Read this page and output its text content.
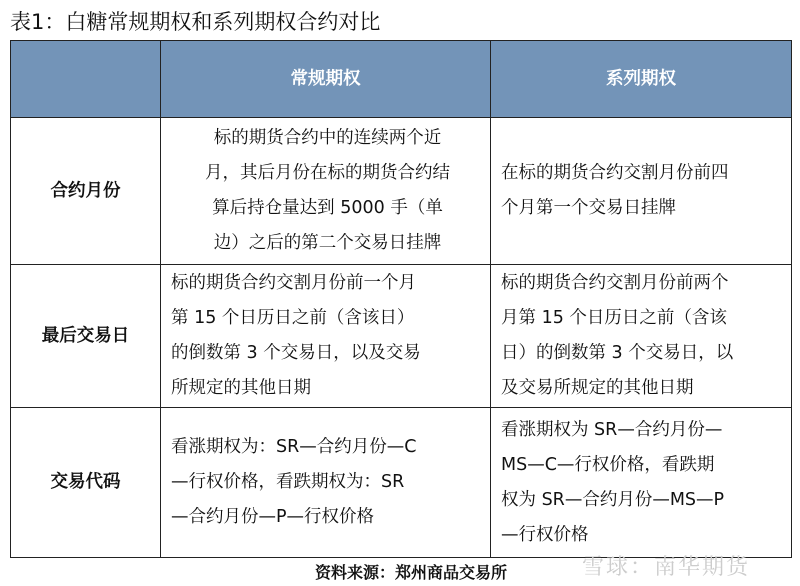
表1：白糖常规期权和系列期权合约对比
	常规期权	系列期权
合约月份	标的期货合约中的连续两个近
月，其后月份在标的期货合约结
算后持仓量达到 5000 手（单
边）之后的第二个交易日挂牌	在标的期货合约交割月份前四
个月第一个交易日挂牌

最后交易日	标的期货合约交割月份前一个月
第 15 个日历日之前（含该日）
的倒数第 3 个交易日，以及交易
所规定的其他日期	标的期货合约交割月份前两个
月第 15 个日历日之前（含该
日）的倒数第 3 个交易日，以
及交易所规定的其他日期

交易代码	看涨期权为：SR—合约月份—C
—行权价格，看跌期权为：SR
—合约月份—P—行权价格	看涨期权为 SR—合约月份—
MS—C—行权价格，看跌期
权为 SR—合约月份—MS—P
—行权价格
资料来源：郑州商品交易所	雪球：南华期货
